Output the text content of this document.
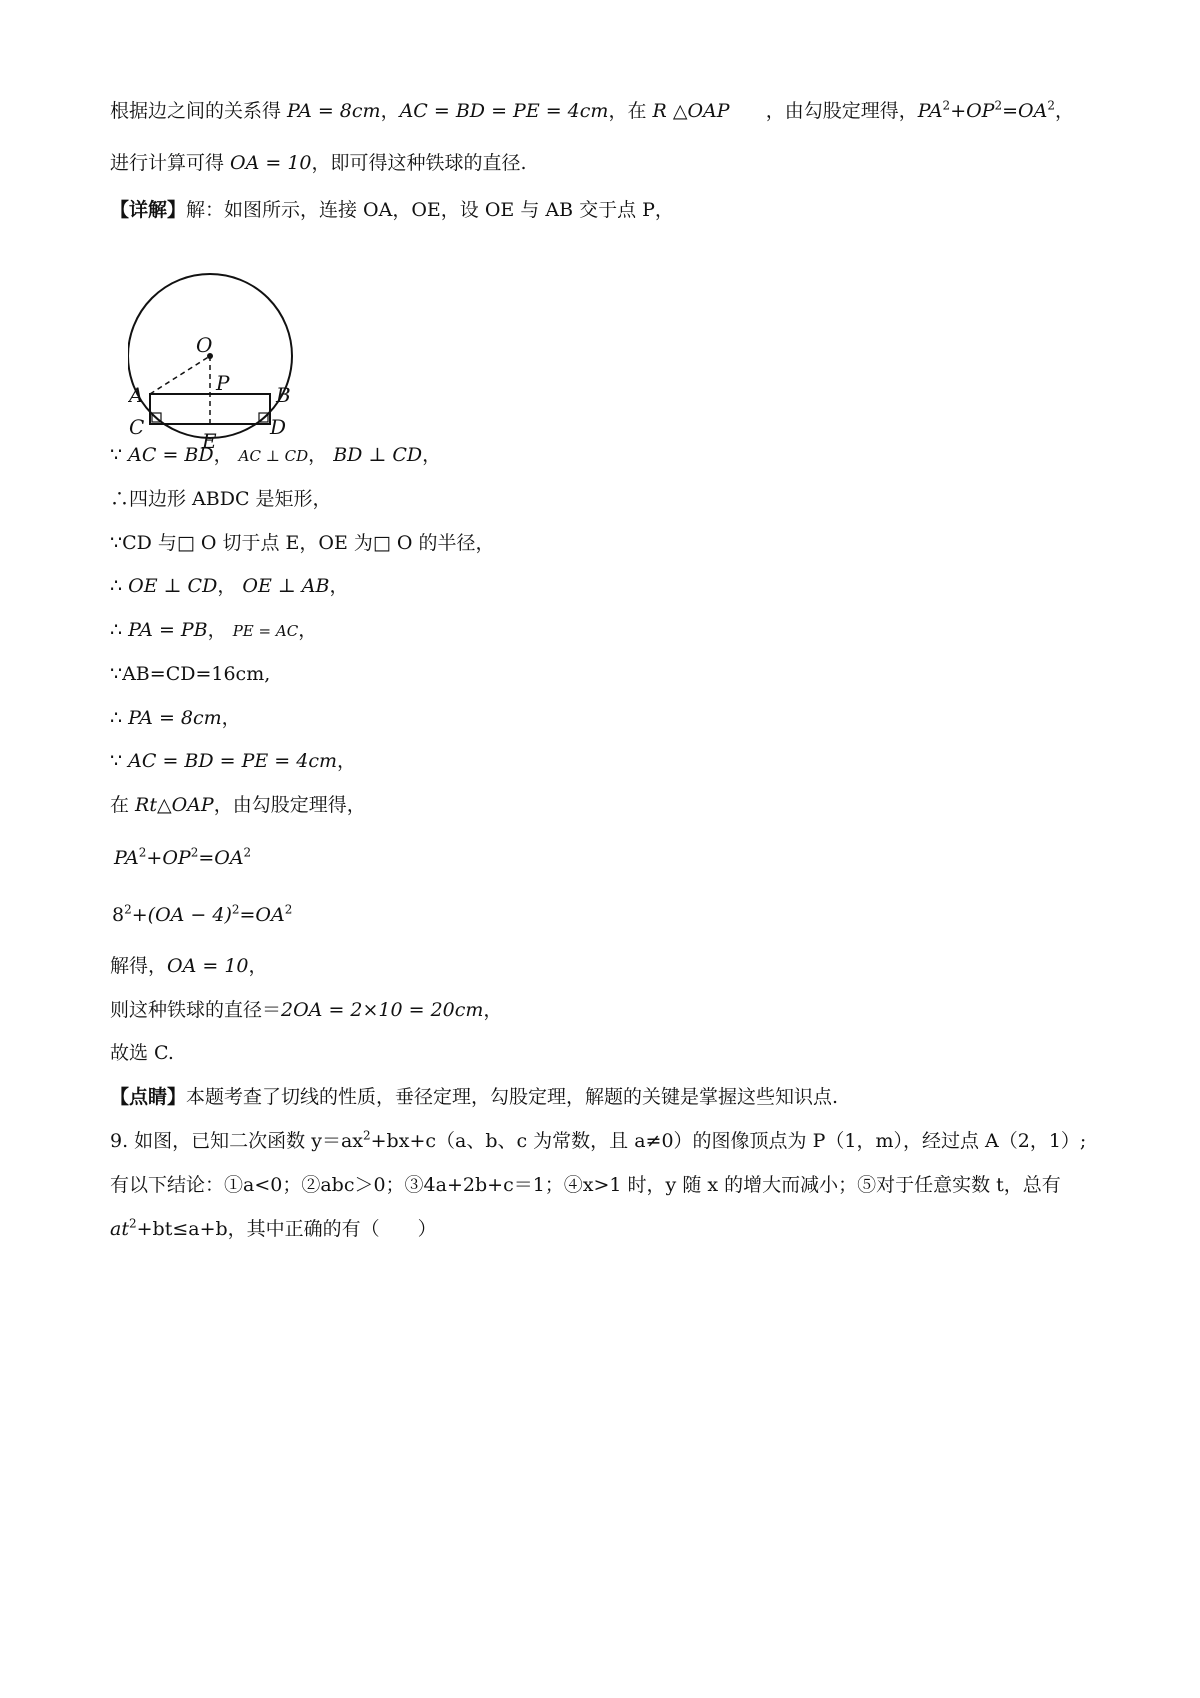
根据边之间的关系得 PA = 8cm，AC = BD = PE = 4cm，在 R △OAP      ，由勾股定理得，$PA^2+OP^2=OA^2$，
进行计算可得 OA = 10，即可得这种铁球的直径.
【详解】解：如图所示，连接 OA，OE，设 OE 与 AB 交于点 P，
O
P
A	B
C	D
E
∵ AC = BD， AC ⊥ CD， BD ⊥ CD，
∴四边形 ABDC 是矩形，
∵CD 与□ O 切于点 E，OE 为□ O 的半径，
∴ OE ⊥ CD， OE ⊥ AB，
∴ PA = PB， PE = AC，
∵AB=CD=16cm,
∴ PA = 8cm，
∵ AC = BD = PE = 4cm，
在 Rt△OAP，由勾股定理得，
$PA^2+OP^2=OA^2$
$8^2+(OA - 4)^2=OA^2$
解得，OA = 10，
则这种铁球的直径＝2OA = 2×10 = 20cm，
故选 C.
【点睛】本题考查了切线的性质，垂径定理，勾股定理，解题的关键是掌握这些知识点.
9. 如图，已知二次函数 $y=ax^2+bx+c(a$、b、c 为常数，且 a≠0）的图像顶点为 P（1，m），经过点 A（2，1）;
有以下结论：①a<0；②abc＞0；③4a+2b+c＝1；④x>1 时，y 随 x 的增大而减小；⑤对于任意实数 t，总有
$at^2+bt\le a+b$，其中正确的有（　　）
